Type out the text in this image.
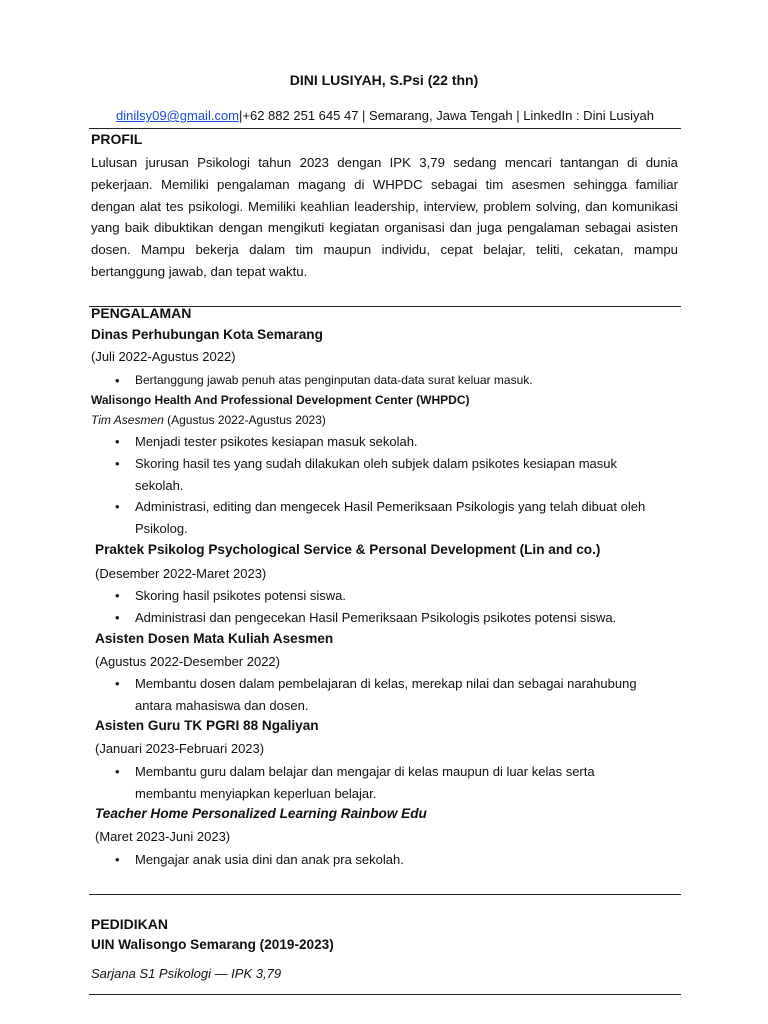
DINI LUSIYAH, S.Psi (22 thn)
dinilsy09@gmail.com|+62 882 251 645 47 | Semarang, Jawa Tengah | LinkedIn : Dini Lusiyah
PROFIL
Lulusan jurusan Psikologi tahun 2023 dengan IPK 3,79 sedang mencari tantangan di dunia pekerjaan. Memiliki pengalaman magang di WHPDC sebagai tim asesmen sehingga familiar dengan alat tes psikologi. Memiliki keahlian leadership, interview, problem solving, dan komunikasi yang baik dibuktikan dengan mengikuti kegiatan organisasi dan juga pengalaman sebagai asisten dosen. Mampu bekerja dalam tim maupun individu, cepat belajar, teliti, cekatan, mampu bertanggung jawab, dan tepat waktu.
PENGALAMAN
Dinas Perhubungan Kota Semarang
(Juli 2022-Agustus 2022)
• Bertanggung jawab penuh atas penginputan data-data surat keluar masuk.
Walisongo Health And Professional Development Center (WHPDC)
Tim Asesmen (Agustus 2022-Agustus 2023)
• Menjadi tester psikotes kesiapan masuk sekolah.
• Skoring hasil tes yang sudah dilakukan oleh subjek dalam psikotes kesiapan masuk sekolah.
• Administrasi, editing dan mengecek Hasil Pemeriksaan Psikologis yang telah dibuat oleh Psikolog.
Praktek Psikolog Psychological Service & Personal Development (Lin and co.)
(Desember 2022-Maret 2023)
• Skoring hasil psikotes potensi siswa.
• Administrasi dan pengecekan Hasil Pemeriksaan Psikologis psikotes potensi siswa.
Asisten Dosen Mata Kuliah Asesmen
(Agustus 2022-Desember 2022)
• Membantu dosen dalam pembelajaran di kelas, merekap nilai dan sebagai narahubung antara mahasiswa dan dosen.
Asisten Guru TK PGRI 88 Ngaliyan
(Januari 2023-Februari 2023)
• Membantu guru dalam belajar dan mengajar di kelas maupun di luar kelas serta membantu menyiapkan keperluan belajar.
Teacher Home Personalized Learning Rainbow Edu
(Maret 2023-Juni 2023)
• Mengajar anak usia dini dan anak pra sekolah.
PEDIDIKAN
UIN Walisongo Semarang (2019-2023)
Sarjana S1 Psikologi — IPK 3,79
